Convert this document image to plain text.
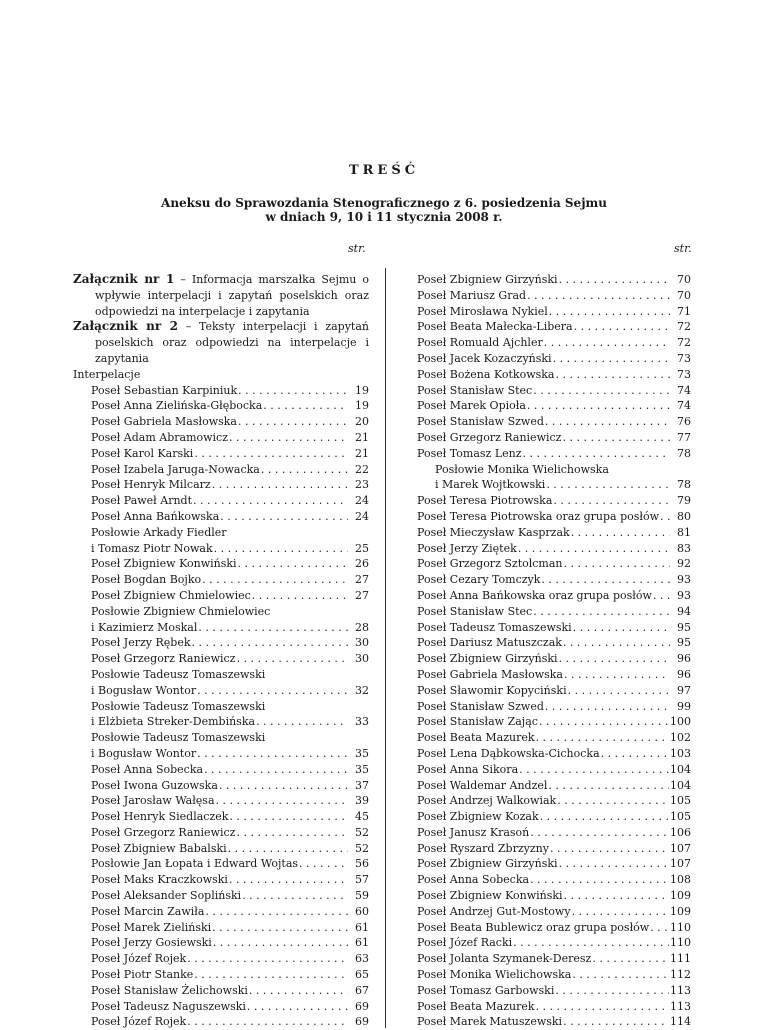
TREŚĆ
Aneksu do Sprawozdania Stenograficznego z 6. posiedzenia Sejmu
w dniach 9, 10 i 11 stycznia 2008 r.
str.	str.

Załącznik nr 1 – Informacja marszałka Sejmu o wpływie interpelacji i zapytań poselskich oraz odpowiedzi na interpelacje i zapytania

Załącznik nr 2 – Teksty interpelacji i zapytań poselskich oraz odpowiedzi na interpelacje i zapytania

Interpelacje
Poseł Sebastian Karpiniuk . . .	19
Poseł Anna Zielińska-Głębocka . . .	19
Poseł Gabriela Masłowska . . .	20
Poseł Adam Abramowicz . . .	21
Poseł Karol Karski . . .	21
Poseł Izabela Jaruga-Nowacka . . .	22
Poseł Henryk Milcarz . . .	23
Poseł Paweł Arndt . . .	24
Poseł Anna Bańkowska . . .	24
Posłowie Arkady Fiedler
i Tomasz Piotr Nowak . . .	25
Poseł Zbigniew Konwiński . . .	26
Poseł Bogdan Bojko . . .	27
Poseł Zbigniew Chmielowiec . . .	27
Posłowie Zbigniew Chmielowiec
i Kazimierz Moskal . . .	28
Poseł Jerzy Rębek . . .	30
Poseł Grzegorz Raniewicz . . .	30
Posłowie Tadeusz Tomaszewski
i Bogusław Wontor . . .	32
Posłowie Tadeusz Tomaszewski
i Elżbieta Streker-Dembińska . . .	33
Posłowie Tadeusz Tomaszewski
i Bogusław Wontor . . .	35
Poseł Anna Sobecka . . .	35
Poseł Iwona Guzowska . . .	37
Poseł Jarosław Wałęsa . . .	39
Poseł Henryk Siedlaczek . . .	45
Poseł Grzegorz Raniewicz . . .	52
Poseł Zbigniew Babalski . . .	52
Posłowie Jan Łopata i Edward Wojtas . . .	56
Poseł Maks Kraczkowski . . .	57
Poseł Aleksander Sopliński . . .	59
Poseł Marcin Zawiła . . .	60
Poseł Marek Zieliński . . .	61
Poseł Jerzy Gosiewski . . .	61
Poseł Józef Rojek . . .	63
Poseł Piotr Stanke . . .	65
Poseł Stanisław Żelichowski . . .	67
Poseł Tadeusz Naguszewski . . .	69
Poseł Józef Rojek . . .	69
Poseł Zbigniew Girzyński . . .	70
Poseł Mariusz Grad . . .	70
Poseł Mirosława Nykiel . . .	71
Poseł Beata Małecka-Libera . . .	72
Poseł Romuald Ajchler . . .	72
Poseł Jacek Kozaczyński . . .	73
Poseł Bożena Kotkowska . . .	73
Poseł Stanisław Stec . . .	74
Poseł Marek Opioła . . .	74
Poseł Stanisław Szwed . . .	76
Poseł Grzegorz Raniewicz . . .	77
Poseł Tomasz Lenz . . .	78
Posłowie Monika Wielichowska
i Marek Wojtkowski . . .	78
Poseł Teresa Piotrowska . . .	79
Poseł Teresa Piotrowska oraz grupa posłów . . .	80
Poseł Mieczysław Kasprzak . . .	81
Poseł Jerzy Ziętek . . .	83
Poseł Grzegorz Sztolcman . . .	92
Poseł Cezary Tomczyk . . .	93
Poseł Anna Bańkowska oraz grupa posłów . . .	93
Poseł Stanisław Stec . . .	94
Poseł Tadeusz Tomaszewski . . .	95
Poseł Dariusz Matuszczak . . .	95
Poseł Zbigniew Girzyński . . .	96
Poseł Gabriela Masłowska . . .	96
Poseł Sławomir Kopyciński . . .	97
Poseł Stanisław Szwed . . .	99
Poseł Stanisław Zając . . .	100
Poseł Beata Mazurek . . .	102
Poseł Lena Dąbkowska-Cichocka . . .	103
Poseł Anna Sikora . . .	104
Poseł Waldemar Andzel . . .	104
Poseł Andrzej Walkowiak . . .	105
Poseł Zbigniew Kozak . . .	105
Poseł Janusz Krasoń . . .	106
Poseł Ryszard Zbrzyzny . . .	107
Poseł Zbigniew Girzyński . . .	107
Poseł Anna Sobecka . . .	108
Poseł Zbigniew Konwiński . . .	109
Poseł Andrzej Gut-Mostowy . . .	109
Poseł Beata Bublewicz oraz grupa posłów . . . 110
Poseł Józef Racki . . .	110
Poseł Jolanta Szymanek-Deresz . . .	111
Poseł Monika Wielichowska . . .	112
Poseł Tomasz Garbowski . . .	113
Poseł Beata Mazurek . . .	113
Poseł Marek Matuszewski . . .	114
